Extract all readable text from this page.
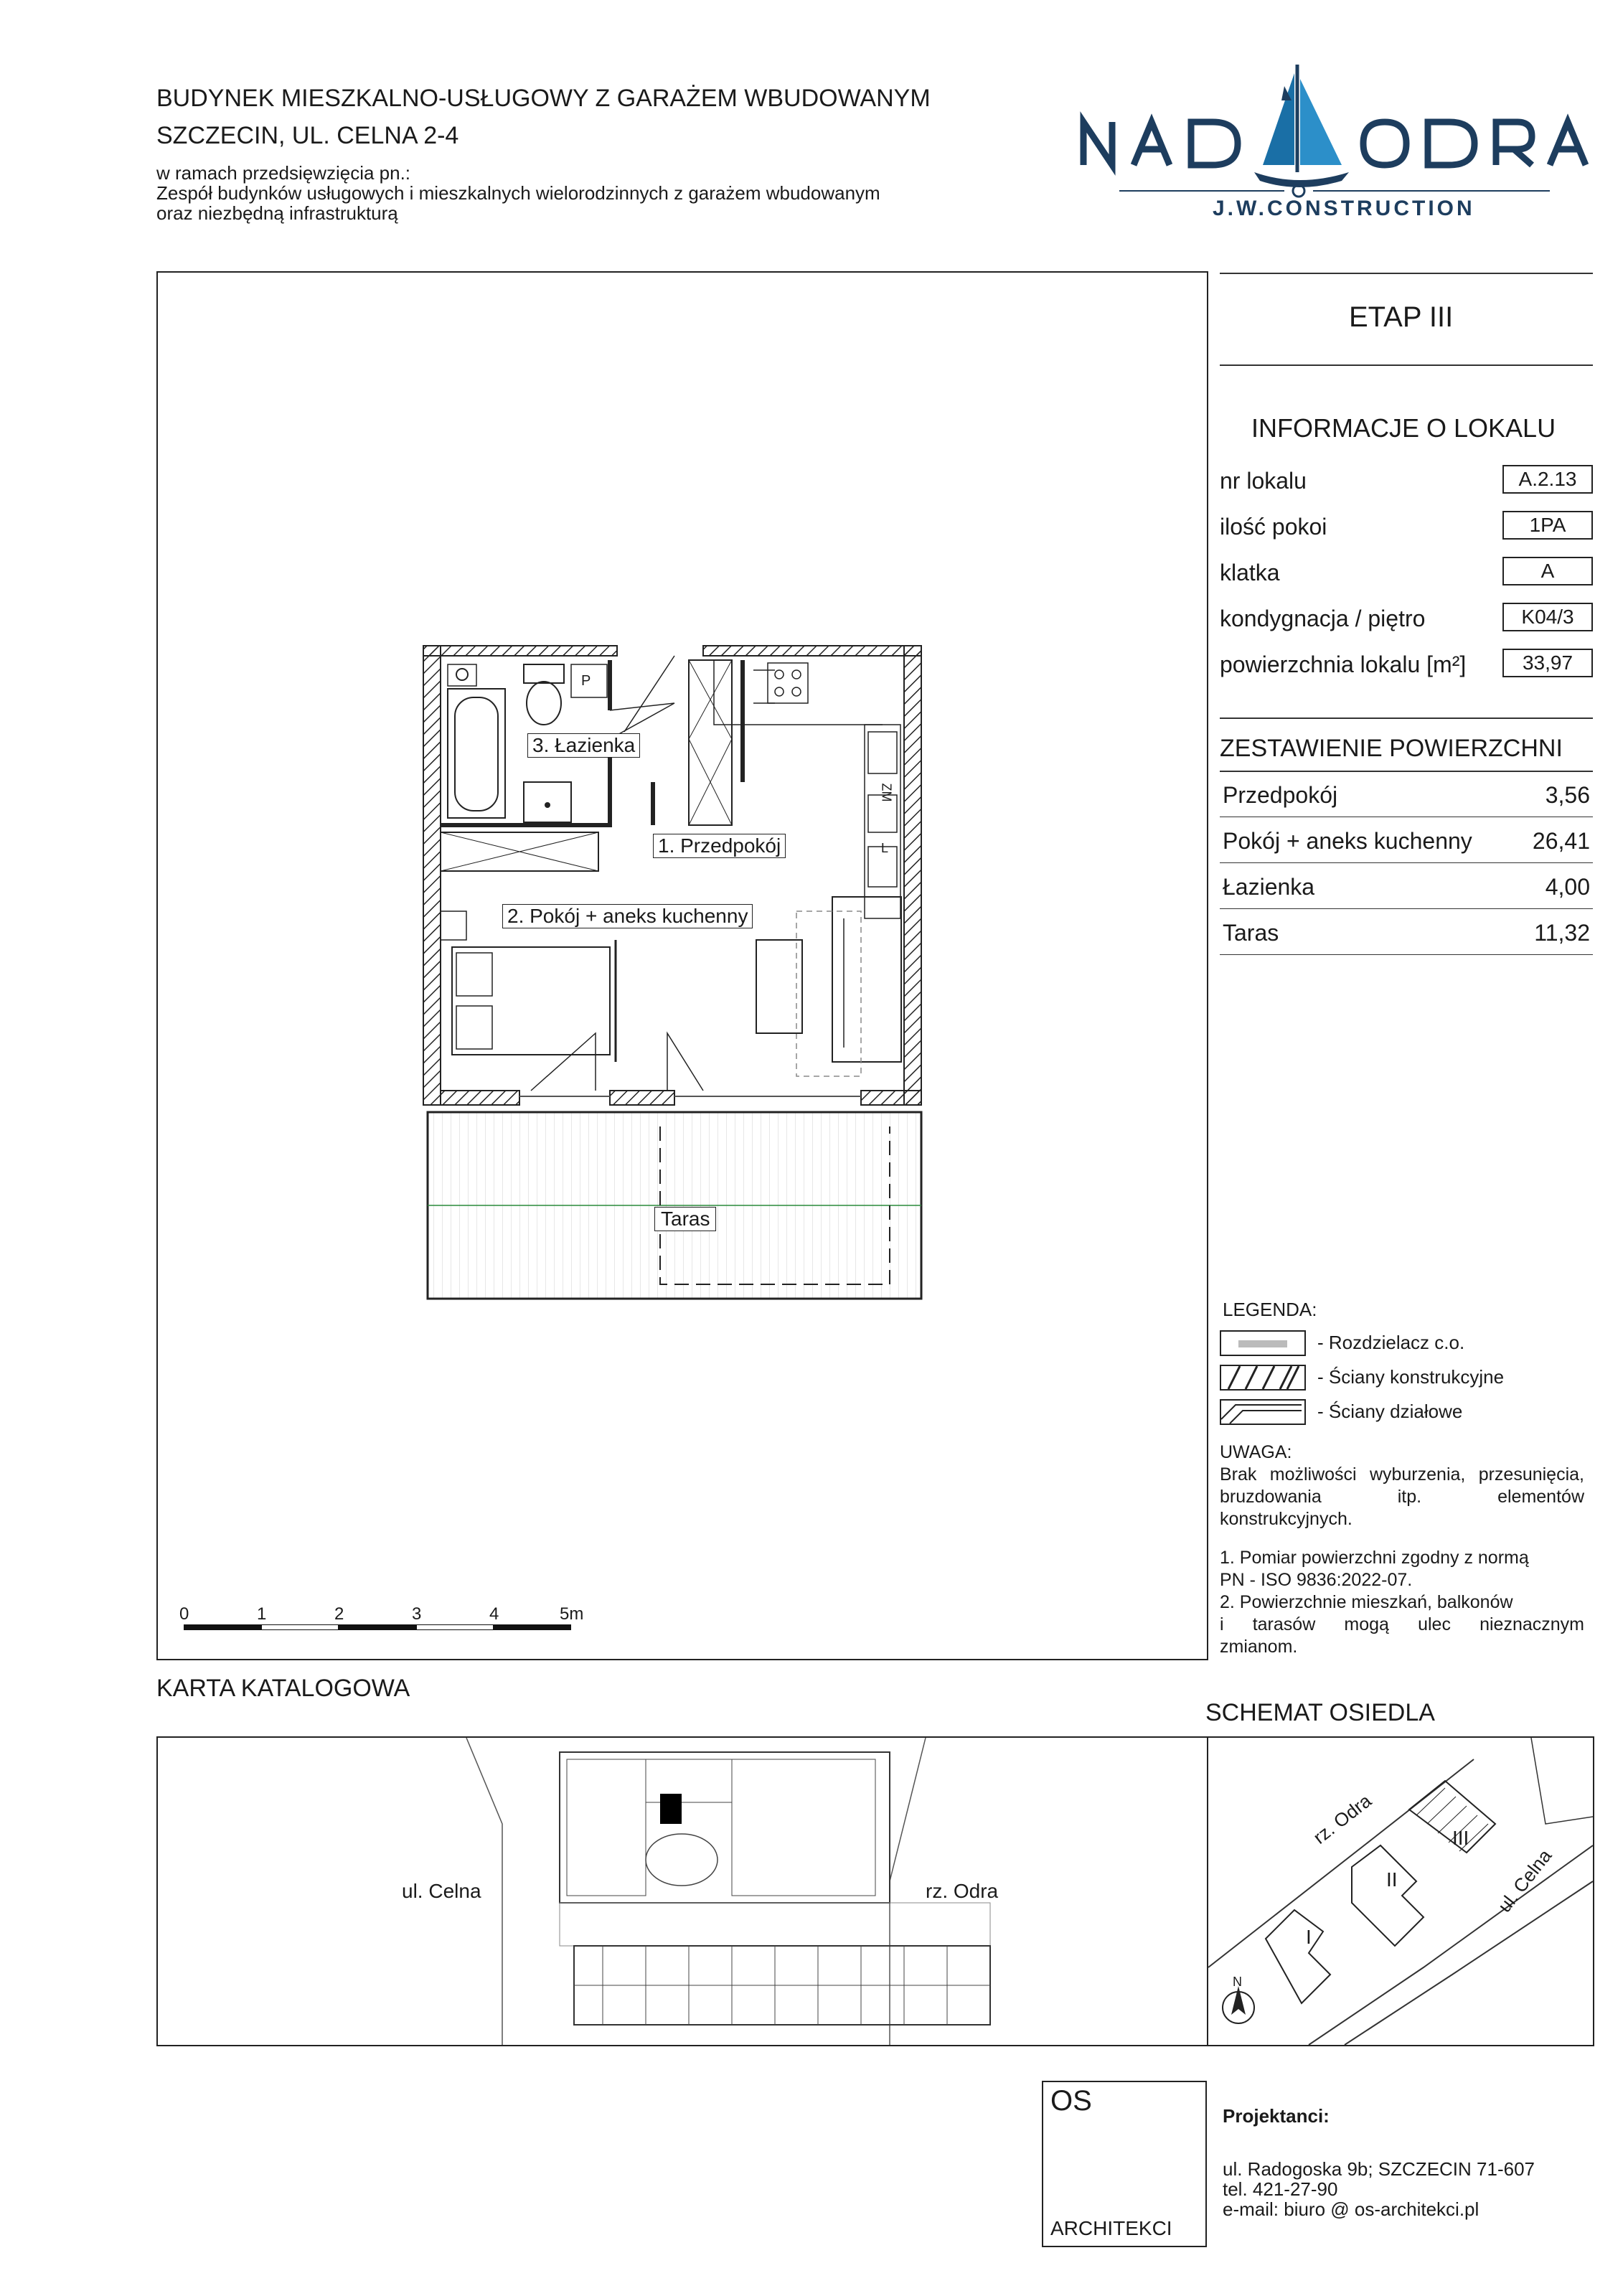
BUDYNEK MIESZKALNO-USŁUGOWY Z GARAŻEM WBUDOWANYM
SZCZECIN, UL. CELNA 2-4
w ramach przedsięwzięcia pn.:
Zespół budynków usługowych i mieszkalnych wielorodzinnych z garażem wbudowanym
oraz niezbędną infrastrukturą	J.W.CONSTRUCTION
ETAP III
INFORMACJE O LOKALU
nr lokalu	A.2.13
ilość pokoi	1PA
klatka	A
kondygnacja / piętro	K04/3
powierzchnia lokalu [m²]	33,97
ZESTAWIENIE POWIERZCHNI
Przedpokój	3,56
Pokój + aneks kuchenny	26,41
Łazienka	4,00
Taras	11,32
LEGENDA:
- Rozdzielacz c.o.
- Ściany konstrukcyjne
- Ściany działowe
UWAGA:
Brak możliwości wyburzenia, przesunięcia,
bruzdowania itp. elementów
konstrukcyjnych.
1. Pomiar powierzchni zgodny z normą
PN - ISO 9836:2022-07.
2. Powierzchnie mieszkań, balkonów
i tarasów mogą ulec nieznacznym
zmianom.
3. Łazienka
1. Przedpokój
2. Pokój + aneks kuchenny
Taras
P
ZM
L
0	1	2	3	4	5m
KARTA KATALOGOWA
SCHEMAT OSIEDLA
ul. Celna	rz. Odra
rz. Odra
ul. Celna
I
II
III
N
OS
ARCHITEKCI
Projektanci:
ul. Radogoska 9b; SZCZECIN 71-607
tel. 421-27-90
e-mail: biuro @ os-architekci.pl
